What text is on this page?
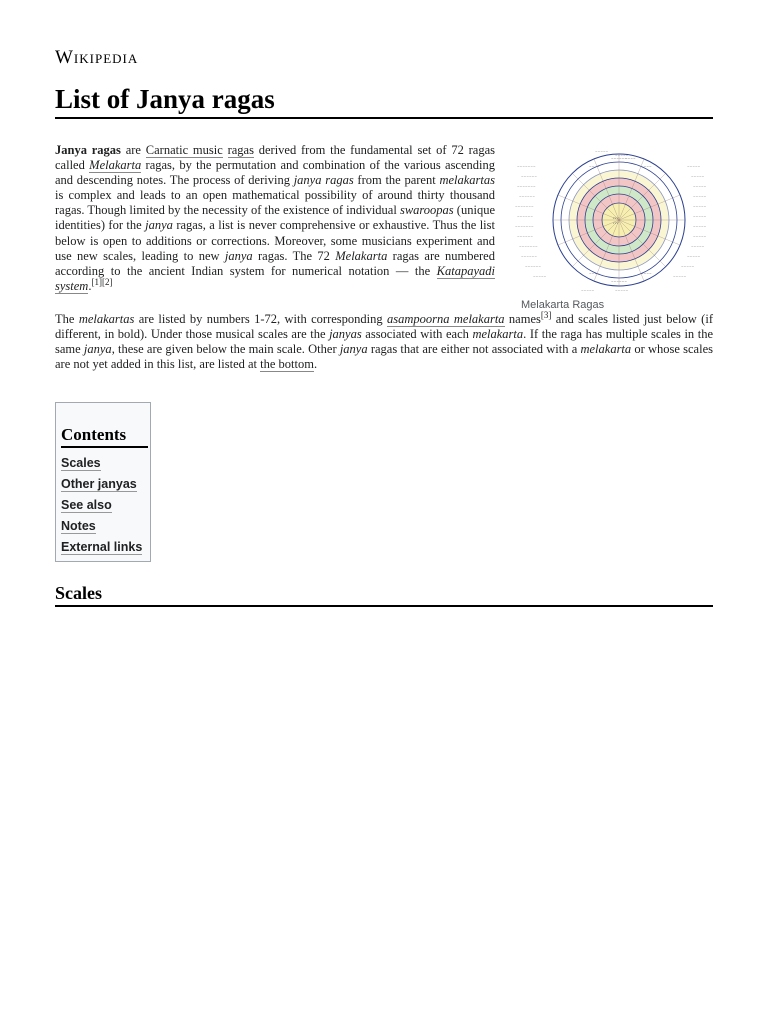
Wikipedia
List of Janya ragas

Janya ragas are Carnatic music ragas derived from the fundamental set of 72 ragas called Melakarta ragas, by the permutation and combination of the various ascending and descending notes. The process of deriving janya ragas from the parent melakartas is complex and leads to an open mathematical possibility of around thirty thousand ragas. Though limited by the necessity of the existence of individual swaroopas (unique identities) for the janya ragas, a list is never comprehensive or exhaustive. Thus the list below is open to additions or corrections. Moreover, some musicians experiment and use new scales, leading to new janya ragas. The 72 Melakarta ragas are numbered according to the ancient Indian system for numerical notation — the Katapayadi system.[1][2]

~~~~~~
~~~~
~~~~~~
~~~~	~~~~
~~~~	~~~~
♪♪♪
♪♪♪
~~~~~~~
~~~~~~
~~~~~~~
~~~~~~
~~~~~~~
~~~~~~
~~~~~~~
~~~~~~
~~~~~~~
~~~~~~
~~~~~~
~~~~~
~~~~~
~~~~~
~~~~~
~~~~~
~~~~~
~~~~~
~~~~~
~~~~~
~~~~~
~~~~~
~~~~~
~~~~~
~~~~~
~~~~~
~~~~~	~~~~~
Melakarta Ragas

The melakartas are listed by numbers 1-72, with corresponding asampoorna melakarta names[3] and scales listed just below (if different, in bold). Under those musical scales are the janyas associated with each melakarta. If the raga has multiple scales in the same janya, these are given below the main scale. Other janya ragas that are either not associated with a melakarta or whose scales are not yet added in this list, are listed at the bottom.

Contents
Scales
Other janyas
See also
Notes
External links
Scales
